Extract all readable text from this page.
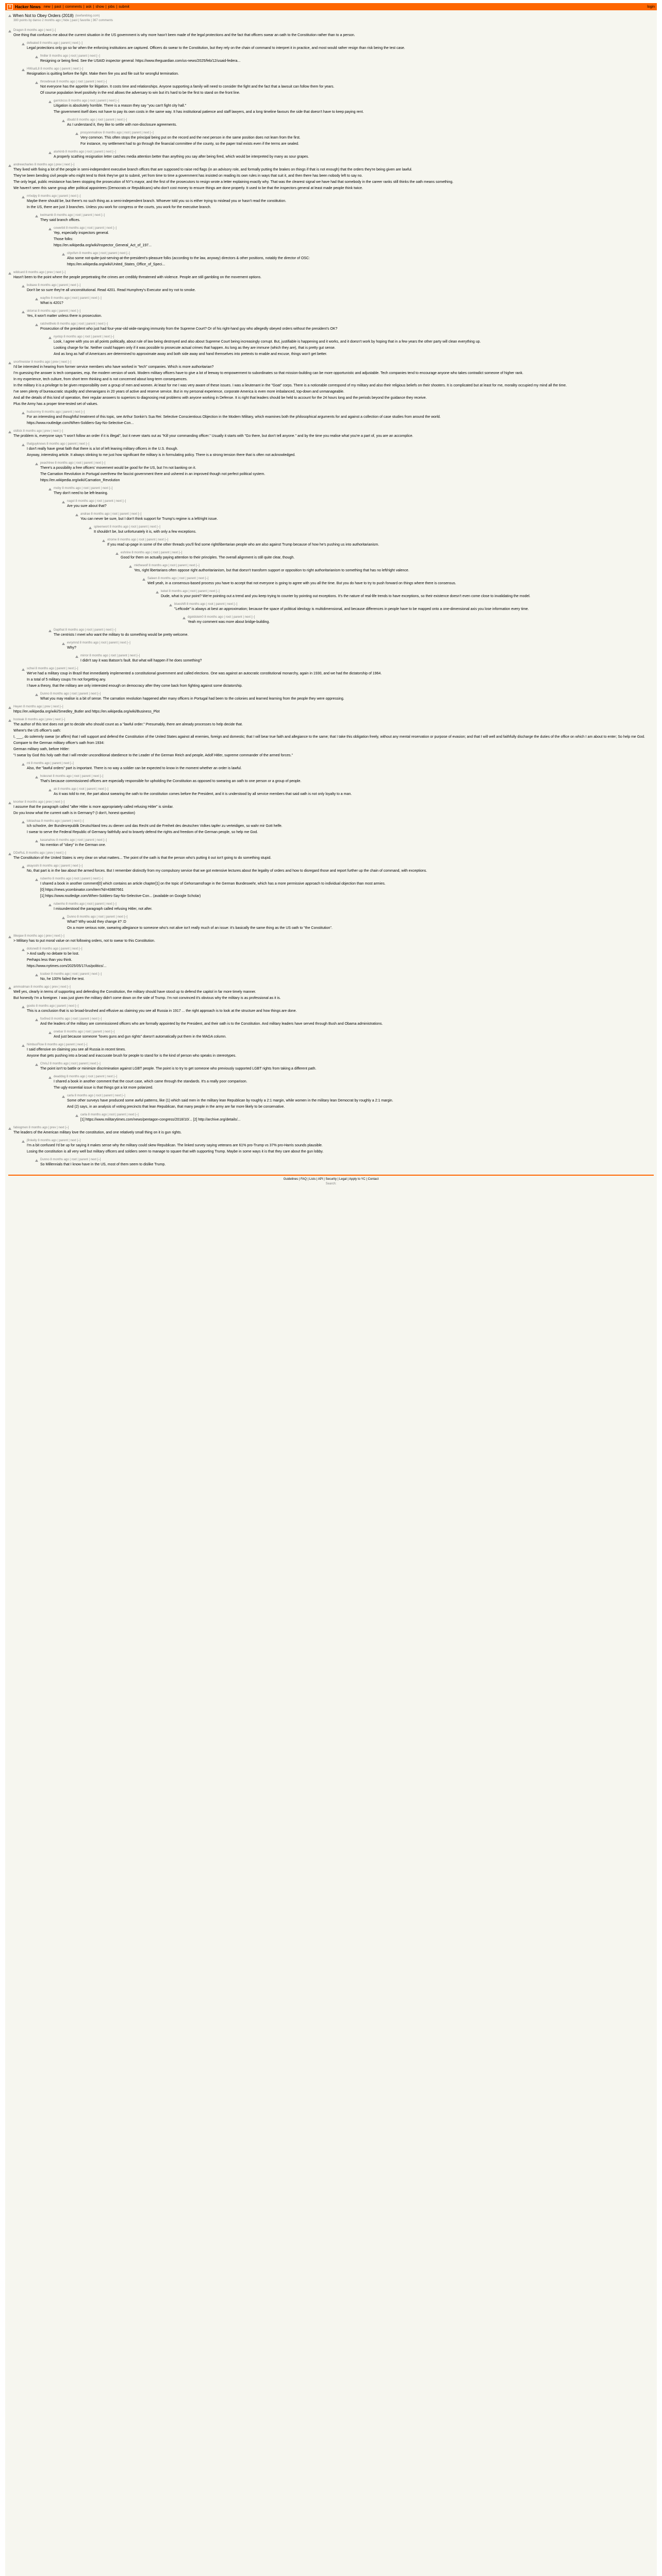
Y Hacker News new | past | comments | ask | show | jobs | submit	login
When Not to Obey Orders (2018) (lawfareblog.com)
380 points by danso 2 months ago | hide | past | favorite | 367 comments
Dragon 8 months ago | next [–]

One thing that confuses me about the current situation in the US government is why more hasn't been made of the legal protections and the fact that officers swear an oath to the Constitution rather than to a person.

defeated 8 months ago | parent | next [–]

Legal protections only go so far when the enforcing institutions are captured. Officers do swear to the Constitution, but they rely on the chain of command to interpret it in practice, and most would rather resign than risk being the test case.

fmiller 8 months ago | root | parent | next [–]

Resigning or being fired. See the USAID inspector general: https://www.theguardian.com/us-news/2025/feb/12/usaid-federa...

HWsaIL8 8 months ago | parent | next [–]

Resignation is quitting before the fight. Make them fire you and file suit for wrongful termination.

throwbreak 8 months ago | root | parent | next [–]

Not everyone has the appetite for litigation. It costs time and relationships. Anyone supporting a family will need to consider the fight and the fact that a lawsuit can follow them for years.

Of course population level positivity in the end allows the adversary to win but it's hard to be the first to stand on the front line.

garrickcss 8 months ago | root | parent | next [–]

Litigation is absolutely horrible. There is a reason they say "you can't fight city hall."

The government itself does not have to pay its own costs in the same way. It has institutional patience and staff lawyers, and a long timeline favours the side that doesn't have to keep paying rent.

dbudd 8 months ago | root | parent | next [–]

As I understand it, they like to settle with non-disclosure agreements.

procyonmalinov 8 months ago | root | parent | next [–]

Very common. This often stops the principal being put on the record and the next person in the same position does not learn from the first.

For instance, my settlement had to go through the financial committee of the county, so the paper trail exists even if the terms are sealed.

alurkinb 8 months ago | root | parent | next [–]

A properly scathing resignation letter catches media attention better than anything you say after being fired, which would be interpreted by many as sour grapes.

andrewcharles 8 months ago | prev | next [–]

They lived with fixing a lot of the people in semi-independent executive branch offices that are supposed to raise red flags (in an advisory role, and formally putting the brakes on things if that is not enough) that the orders they're being given are lawful.

They've been bending civil people who might tend to think they've got to submit, yet from time to time a government has insisted on reading its own rules in ways that suit it, and then there has been nobody left to say no.

The only legal, public resistance has been stopping the prosecution of NY's mayor, and the first of the prosecutors to resign wrote a letter explaining exactly why. That was the clearest signal we have had that somebody in the career ranks still thinks the oath means something.

We haven't seen this same group after political appointees (Democrats or Republicans) who don't cost money to ensure things are done properly. It used to be that the inspectors general at least made people think twice.

rrrlxdpy 8 months ago | parent | next [–]

Maybe there should be, but there's no such thing as a semi-independent branch. Whoever told you so is either trying to mislead you or hasn't read the constitution.

In the US, there are just 3 branches. Unless you work for congress or the courts, you work for the executive branch.

kwimamb 8 months ago | root | parent | next [–]

They said branch offices.

cowerbit 8 months ago | root | parent | next [–]

Yep, especially inspectors general.

Those folks:

https://en.wikipedia.org/wiki/Inspector_General_Act_of_197...

cityofsm 8 months ago | root | parent | next [–]

Also some not-quite-just-serving-at-the-president's-pleasure folks (according to the law, anyway) directors & other positions, notably the director of OSC:

https://en.wikipedia.org/wiki/United_States_Office_of_Speci...

wildcard 8 months ago | prev | next [–]

Hasn't been to the point where the people perpetrating the crimes are credibly threatened with violence. People are still gambling on the movement options.

bobaxe 8 months ago | parent | next [–]

Don't be so sure they're all unconstitutional. Read 4201. Read Humphrey's Executor and try not to smoke.

wayfire 8 months ago | root | parent | next [–]

What is 4201?

sktorrai 8 months ago | parent | next [–]

Yes, it won't matter unless there is prosecution.

ratchetthelo 8 months ago | root | parent | next [–]

Prosecution of the president who just had four-year-old wide-ranging immunity from the Supreme Court? Or of his right-hand guy who allegedly obeyed orders without the president's OK?

nyxtop 8 months ago | root | parent | next [–]

Look, I agree with you on all points politically, about rule of law being destroyed and also about Supreme Court being increasingly corrupt. But, justifiable is happening and it works, and it doesn't work by hoping that in a few years the other party will clean everything up.

Looking charge for far. Neither could happen only if it was possible to prosecute actual crimes that happen. As long as they are immune (which they are), that is pretty gut sense.

And as long as half of Americans are determined to approximate away and both side away and hand themselves into pretexts to enable and excuse, things won't get better.

snorfmeister 8 months ago | prev | next [–]

I'd be interested in hearing from former service members who have worked in "tech" companies. Which is more authoritarian?

I'm guessing the answer is tech companies, esp. the modern version of work. Modern military officers have to give a lot of leeway to empowerment to subordinates so that mission-building can be more opportunistic and adjustable. Tech companies tend to encourage anyone who takes contradict someone of higher rank.

In my experience, tech culture, from short term thinking and is not concerned about long-term consequences.

In the military it is a privilege to be given responsibility over a group of men and women. At least for me I was very aware of these issues. I was a lieutenant in the "Goat" corps. There is a noticeable correspond of my military and also their religious beliefs on their shooters. It is complicated but at least for me, morality occupied my mind all the time.

I've seen plenty of bureaucratic stupidity and shenanigans in 20 years of active and reserve service. But in my personal experience, corporate America is even more imbalanced, top-down and unmanageable.

And all the details of this kind of operation, their regular answers to superiors to diagnosing real problems with anyone working in Defense. It is right that leaders should be held to account for the 24 hours long and the periods beyond the guidance they receive.

Plus the Army has a proper time-tested set of values.

hudsonmy 8 months ago | parent | next [–]

For an interesting and thoughtful treatment of this topic, see Arthur Sonkin's Sua Rei: Selective Conscientious Objection in the Modern Military, which examines both the philosophical arguments for and against a collection of case studies from around the world.

https://www.routledge.com/When-Soldiers-Say-No-Selective-Con...

oldtick 8 months ago | prev | next [–]

The problem is, everyone says "I won't follow an order if it is illegal", but it never starts out as "Kill your commanding officer." Usually it starts with "Go there, but don't tell anyone." and by the time you realise what you're a part of, you are an accomplice.

thatguyknows 8 months ago | parent | next [–]

I don't really have great faith that there is a lot of left leaning military officers in the U.S. though.

Anyway, interesting article. It always stinking to me just how significant the military is in formulating policy. There is a strong tension there that is often not acknowledged.

peachtree 8 months ago | root | parent | next [–]

There's a possibility a free officers' movement would be good for the US, but I'm not banking on it.

The Carnation Revolution in Portugal overthrew the fascist government there and ushered in an improved though not perfect political system.

https://en.wikipedia.org/wiki/Carnation_Revolution

moby 8 months ago | root | parent | next [–]

They don't need to be left-leaning.

nagol 8 months ago | root | parent | next [–]

Are you sure about that?

andrae 8 months ago | root | parent | next [–]

You can never be sure, but I don't think support for Trump's regime is a left/right issue.

spleenwort 8 months ago | root | parent | next [–]

It shouldn't be, but unfortunately it is, with only a few exceptions.

xtrome 8 months ago | root | parent | next [–]

If you read up-page in some of the other threads you'll find some right/libertarian people who are also against Trump because of how he's pushing us into authoritarianism.

eshrine 8 months ago | root | parent | next [–]

Good for them on actually paying attention to their principles. The overall alignment is still quite clear, though.

mkthewolf 8 months ago | root | parent | next [–]

Yes, right libertarians often oppose right authoritarianism, but that doesn't transform support or opposition to right authoritarianism to something that has no left/right valence.

Saleen 8 months ago | root | parent | next [–]

Well yeah, in a consensus-based process you have to accept that not everyone is going to agree with you all the time. But you do have to try to push forward on things where there is consensus.

kekel 8 months ago | root | parent | next [–]

Dude, what is your point? We're pointing out a trend and you keep trying to counter by pointing out exceptions. It's the nature of real-life trends to have exceptions, so their existence doesn't even come close to invalidating the model.

blueshift 8 months ago | root | parent | next [–]

"Leftcode" is always at best an approximation; because the space of political ideology is multidimensional, and because differences in people have to be mapped onto a one-dimensional axis you lose information every time.

dgoldstein0 8 months ago | root | parent | next [–]

Yeah my comment was more about bridge-building.

Dapthat 8 months ago | root | parent | next [–]

The centrists I meet who want the military to do something would be pretty welcome.

evrymnd 8 months ago | root | parent | next [–]

Why?

mirror 8 months ago | root | parent | next [–]

I didn't say it was Batson's fault. But what will happen if he does something?

schwi 8 months ago | parent | next [–]

We've had a military coup in Brazil that immediately implemented a constitutional government and called elections. One was against an autocratic constitutional monarchy, again in 1930, and we had the dictatorship of 1964.

In a total of 5 military coups I'm not forgetting any.

I have a theory, that the military are only interested enough on democracy after they come back from fighting against some dictatorship.

Dunno 8 months ago | root | parent | next [–]

What you may realise is a bit of sense. The carnation revolution happened after many officers in Portugal had been to the colonies and learned learning from the people they were oppressing.

Heyen 8 months ago | prev | next [–]

https://en.wikipedia.org/wiki/Smedley_Butler and https://en.wikipedia.org/wiki/Business_Plot

hosteak 8 months ago | prev | next [–]

The author of this text does not get to decide who should count as a "lawful order." Presumably, there are already processes to help decide that.

Where's the US officer's oath:

I, ___, do solemnly swear (or affirm) that I will support and defend the Constitution of the United States against all enemies, foreign and domestic; that I will bear true faith and allegiance to the same; that I take this obligation freely, without any mental reservation or purpose of evasion; and that I will well and faithfully discharge the duties of the office on which I am about to enter; So help me God.

Compare to the German military officer's oath from 1934:

German military oath, before Hitler:

"I swear by God this holy oath that I will render unconditional obedience to the Leader of the German Reich and people, Adolf Hitler, supreme commander of the armed forces."

ml 8 months ago | parent | next [–]

Also, the "lawful orders" part is important. There is no way a soldier can be expected to know in the moment whether an order is lawful.

holesnet 8 months ago | root | parent | next [–]

That's because commissioned officers are especially responsible for upholding the Constitution as opposed to swearing an oath to one person or a group of people.

ak 8 months ago | root | parent | next [–]

As it was told to me, the part about swearing the oath to the constitution comes before the President, and it is understood by all service members that said oath is not only loyalty to a man.

knorker 8 months ago | prev | next [–]

I assume that the paragraph called "after Hitler is more appropriately called refusing Hitler" is similar.

Do you know what the current oath is in Germany? (I don't, honest question)

tobiashaa 8 months ago | parent | next [–]

Ich schwöre, der Bundesrepublik Deutschland treu zu dienen und das Recht und die Freiheit des deutschen Volkes tapfer zu verteidigen, so wahr mir Gott helfe.

I swear to serve the Federal Republic of Germany faithfully and to bravely defend the rights and freedom of the German people, so help me God.

kasanahou 8 months ago | root | parent | next [–]

No mention of "obey" in the German one.

DDeRuL 8 months ago | prev | next [–]

The Constitution of the United States is very clear on what matters... The point of the oath is that the person who's putting it out isn't going to do something stupid.

akayoshi 8 months ago | parent | next [–]

No, that part is in the law about the armed forces. But I remember distinctly from my compulsory service that we got extensive lectures about the legality of orders and how to disregard those and report further up the chain of command, with exceptions.

rubenho 8 months ago | root | parent | next [–]

I shared a book in another comment[0] which contains an article chapter[1] on the topic of Gehorsamsfrage in the German Bundeswehr, which has a more permissive approach to individual objection than most armies.

[0] https://news.ycombinator.com/item?id=43887661

[1] https://www.routledge.com/When-Soldiers-Say-No-Selective-Con... (available on Google Scholar)

rubenho 8 months ago | root | parent | next [–]

I misunderstood the paragraph called refusing Hitler, not after.

Dunno 8 months ago | root | parent | next [–]

What? Why would they change it? :D

On a more serious note, swearing allegiance to someone who's not alive isn't really much of an issue: it's basically the same thing as the US oath to "the Constitution".

Ilikejaw 8 months ago | prev | next [–]

> Military has to put moral value on not following orders, not to swear to this Constitution.

dotsnedt 8 months ago | parent | next [–]

> And sadly no debate to be lost.

Perhaps less than you think.

https://www.nytimes.com/2025/05/17/us/politics/...

lcsdoor 8 months ago | root | parent | next [–]

No, he 100% failed the test.

ammodman 8 months ago | prev | next [–]

Well yes, clearly in terms of supporting and defending the Constitution, the military should have stood up to defend the capitol in far more timely manner.

But honestly I'm a foreigner. I was just given the military didn't come down on the side of Trump. I'm not convinced it's obvious why the military is as professional as it is.

goolio 8 months ago | parent | next [–]

This is a conclusion that is so broad-brushed and effusive as claiming you see all Russia in 1917 ... the right approach is to look at the structure and how things are done.

foxfired 8 months ago | root | parent | next [–]

And the leaders of the military are commissioned officers who are formally appointed by the President, and their oath is to the Constitution. And military leaders have served through Bush and Obama administrations.

onebar 8 months ago | root | parent | next [–]

And just because someone "loves guns and gun rights" doesn't automatically put them in the MAGA column.

NimbusFlow 8 months ago | parent | next [–]

I said offensive on claiming you see all Russia in recent times.

Anyone that gets pushing into a broad and inaccurate brush for people to stand for is the kind of person who speaks in stereotypes.

ChrisJ 8 months ago | root | parent | next [–]

The point isn't to battle or minimize discrimination against LGBT people. The point is to try to get someone who previously supported LGBT rights from taking a different path.

deaddog 8 months ago | root | parent | next [–]

I shared a book in another comment that the court case, which came through the standards. It's a really poor comparison.

The ugly essential issue is that things got a lot more polarized.

carla 8 months ago | root | parent | next [–]

Some other surveys have produced some awful patterns, like (1) which said men in the military lean Republican by roughly a 2:1 margin, while women in the military lean Democrat by roughly a 2:1 margin.

And (2) says, in an analysis of voting precincts that lean Republican, that many people in the army are far more likely to be conservative.

carla 8 months ago | root | parent | next [–]

[1] https://www.militarytimes.com/news/pentagon-congress/2018/10/... [2] http://archive.org/details/...

fabiogmen 8 months ago | prev | next [–]

The leaders of the American military love the constitution, and one relatively small thing on it is gun rights.

jfinkelly 8 months ago | parent | next [–]

I'm a bit confused I'd be up for saying it makes sense why the military could skew Republican. The linked survey saying veterans are 61% pro-Trump vs 37% pro-Harris sounds plausible.

Losing the constitution is all very well but military officers and soldiers seem to manage to square that with supporting Trump. Maybe in some ways it is that they care about the gun lobby.

Dunno 8 months ago | root | parent | next [–]

So Millennials that I know have in the US, most of them seem to dislike Trump.

Guidelines | FAQ | Lists | API | Security | Legal | Apply to YC | Contact
Search:
